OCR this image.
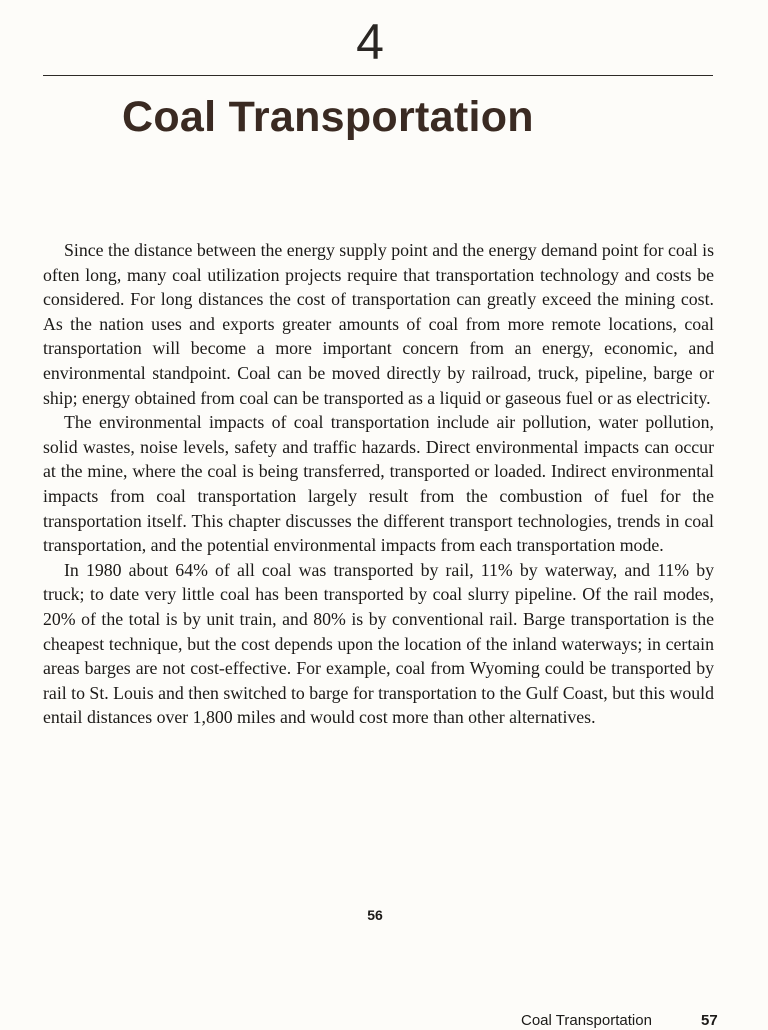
4
Coal Transportation

Since the distance between the energy supply point and the energy demand point for coal is often long, many coal utilization projects require that transportation technology and costs be considered. For long distances the cost of transportation can greatly exceed the mining cost. As the nation uses and exports greater amounts of coal from more remote locations, coal transportation will become a more important concern from an energy, economic, and environmental standpoint. Coal can be moved directly by railroad, truck, pipeline, barge or ship; energy obtained from coal can be transported as a liquid or gaseous fuel or as electricity.

The environmental impacts of coal transportation include air pollution, water pollution, solid wastes, noise levels, safety and traffic hazards. Direct environmental impacts can occur at the mine, where the coal is being transferred, transported or loaded. Indirect environmental impacts from coal transportation largely result from the combustion of fuel for the transportation itself. This chapter discusses the different transport technologies, trends in coal transportation, and the potential environmental impacts from each transportation mode.

In 1980 about 64% of all coal was transported by rail, 11% by waterway, and 11% by truck; to date very little coal has been transported by coal slurry pipeline. Of the rail modes, 20% of the total is by unit train, and 80% is by conventional rail. Barge transportation is the cheapest technique, but the cost depends upon the location of the inland waterways; in certain areas barges are not cost-effective. For example, coal from Wyoming could be transported by rail to St. Louis and then switched to barge for transportation to the Gulf Coast, but this would entail distances over 1,800 miles and would cost more than other alternatives.

56
Coal Transportation	57
